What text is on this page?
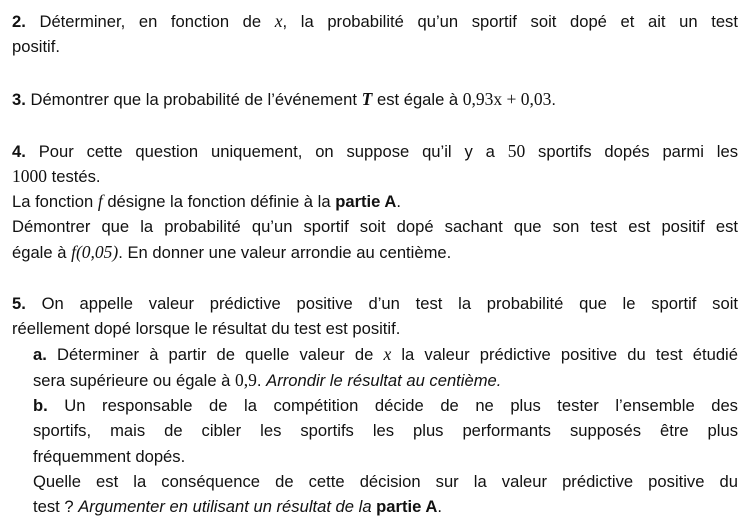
2. Déterminer, en fonction de x, la probabilité qu’un sportif soit dopé et ait un test
positif.
3. Démontrer que la probabilité de l’événement T est égale à 0,93x + 0,03.
4. Pour cette question uniquement, on suppose qu’il y a 50 sportifs dopés parmi les
1000 testés.
La fonction f désigne la fonction définie à la partie A.
Démontrer que la probabilité qu’un sportif soit dopé sachant que son test est positif est
égale à f(0,05). En donner une valeur arrondie au centième.
5. On appelle valeur prédictive positive d’un test la probabilité que le sportif soit
réellement dopé lorsque le résultat du test est positif.
a. Déterminer à partir de quelle valeur de x la valeur prédictive positive du test étudié
sera supérieure ou égale à 0,9. Arrondir le résultat au centième.
b. Un responsable de la compétition décide de ne plus tester l’ensemble des
sportifs, mais de cibler les sportifs les plus performants supposés être plus
fréquemment dopés.
Quelle est la conséquence de cette décision sur la valeur prédictive positive du
test ? Argumenter en utilisant un résultat de la partie A.
